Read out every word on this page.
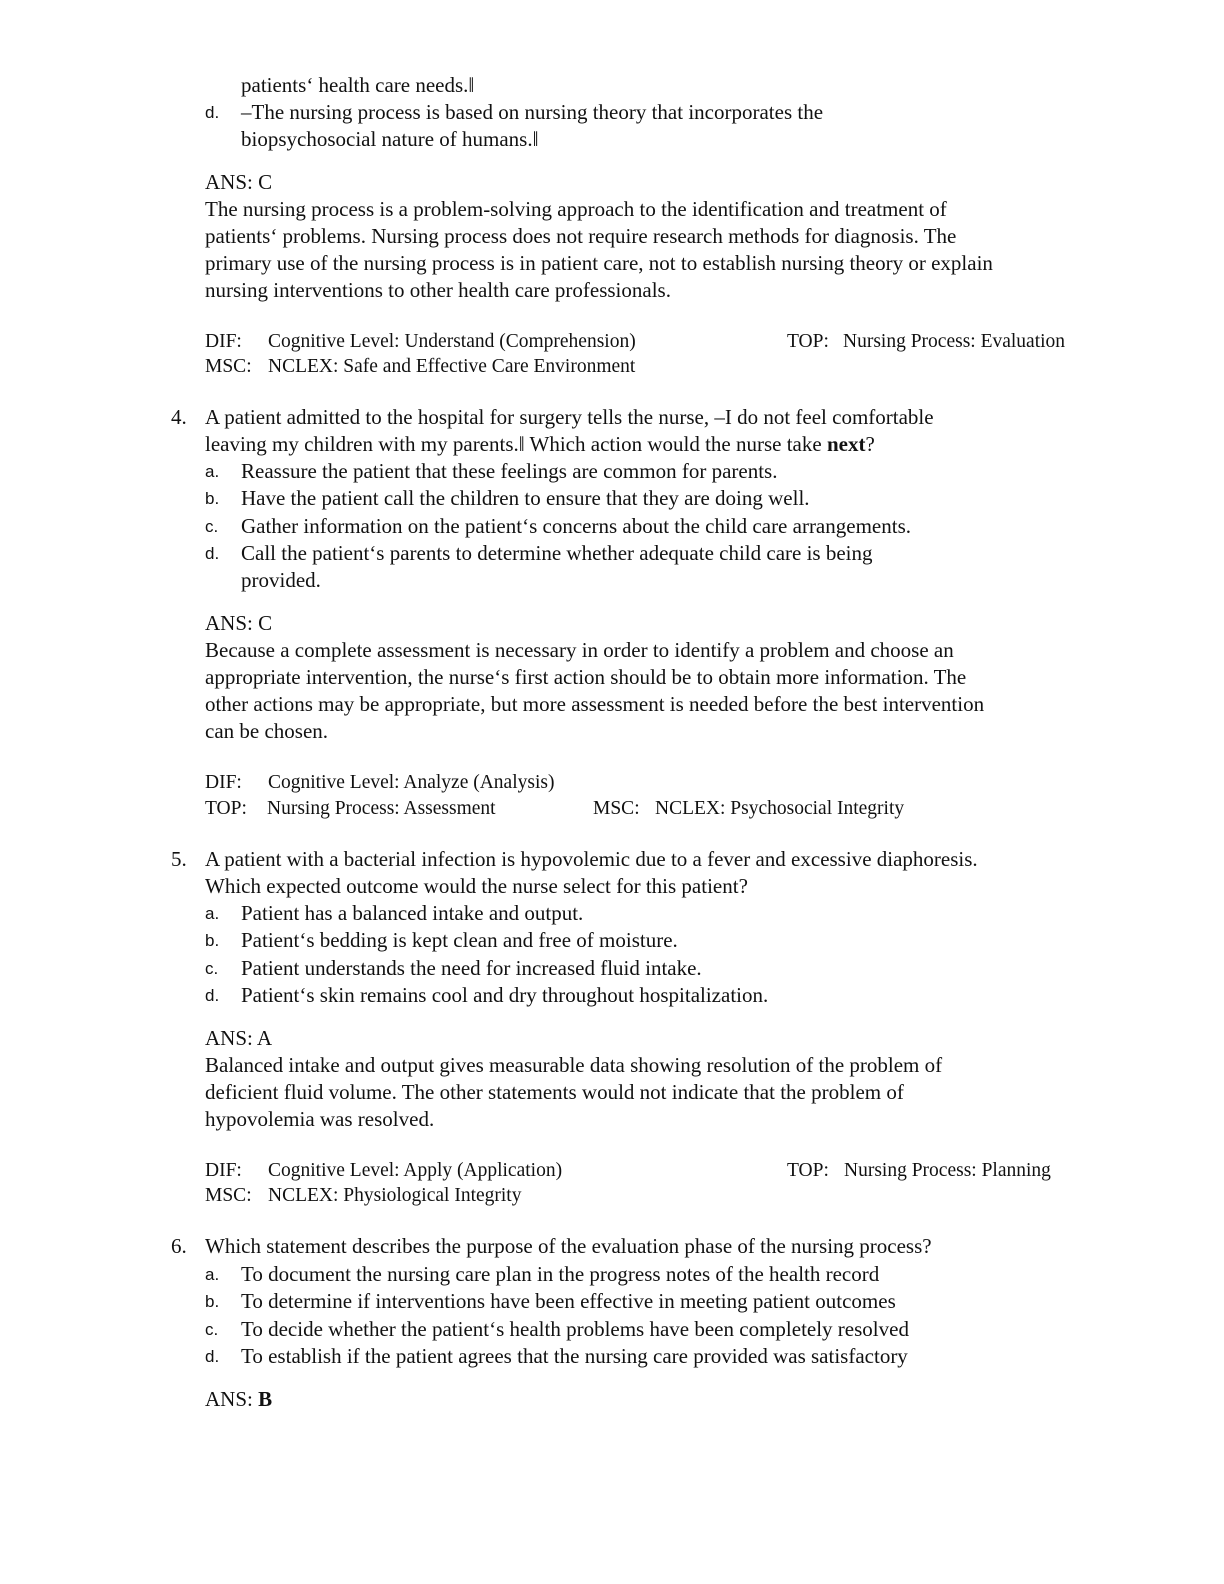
patients‘ health care needs.‖
d. ‒The nursing process is based on nursing theory that incorporates the
biopsychosocial nature of humans.‖
ANS: C
The nursing process is a problem-solving approach to the identification and treatment of
patients‘ problems. Nursing process does not require research methods for diagnosis. The
primary use of the nursing process is in patient care, not to establish nursing theory or explain
nursing interventions to other health care professionals.
DIF: Cognitive Level: Understand (Comprehension)	TOP: Nursing Process: Evaluation
MSC: NCLEX: Safe and Effective Care Environment
4. A patient admitted to the hospital for surgery tells the nurse, ‒I do not feel comfortable
leaving my children with my parents.‖ Which action would the nurse take next?
a. Reassure the patient that these feelings are common for parents.
b. Have the patient call the children to ensure that they are doing well.
c. Gather information on the patient‘s concerns about the child care arrangements.
d. Call the patient‘s parents to determine whether adequate child care is being
provided.
ANS: C
Because a complete assessment is necessary in order to identify a problem and choose an
appropriate intervention, the nurse‘s first action should be to obtain more information. The
other actions may be appropriate, but more assessment is needed before the best intervention
can be chosen.
DIF: Cognitive Level: Analyze (Analysis)
TOP: Nursing Process: Assessment	MSC: NCLEX: Psychosocial Integrity
5. A patient with a bacterial infection is hypovolemic due to a fever and excessive diaphoresis.
Which expected outcome would the nurse select for this patient?
a. Patient has a balanced intake and output.
b. Patient‘s bedding is kept clean and free of moisture.
c. Patient understands the need for increased fluid intake.
d. Patient‘s skin remains cool and dry throughout hospitalization.
ANS: A
Balanced intake and output gives measurable data showing resolution of the problem of
deficient fluid volume. The other statements would not indicate that the problem of
hypovolemia was resolved.
DIF: Cognitive Level: Apply (Application)	TOP: Nursing Process: Planning
MSC: NCLEX: Physiological Integrity
6. Which statement describes the purpose of the evaluation phase of the nursing process?
a. To document the nursing care plan in the progress notes of the health record
b. To determine if interventions have been effective in meeting patient outcomes
c. To decide whether the patient‘s health problems have been completely resolved
d. To establish if the patient agrees that the nursing care provided was satisfactory
ANS: B
